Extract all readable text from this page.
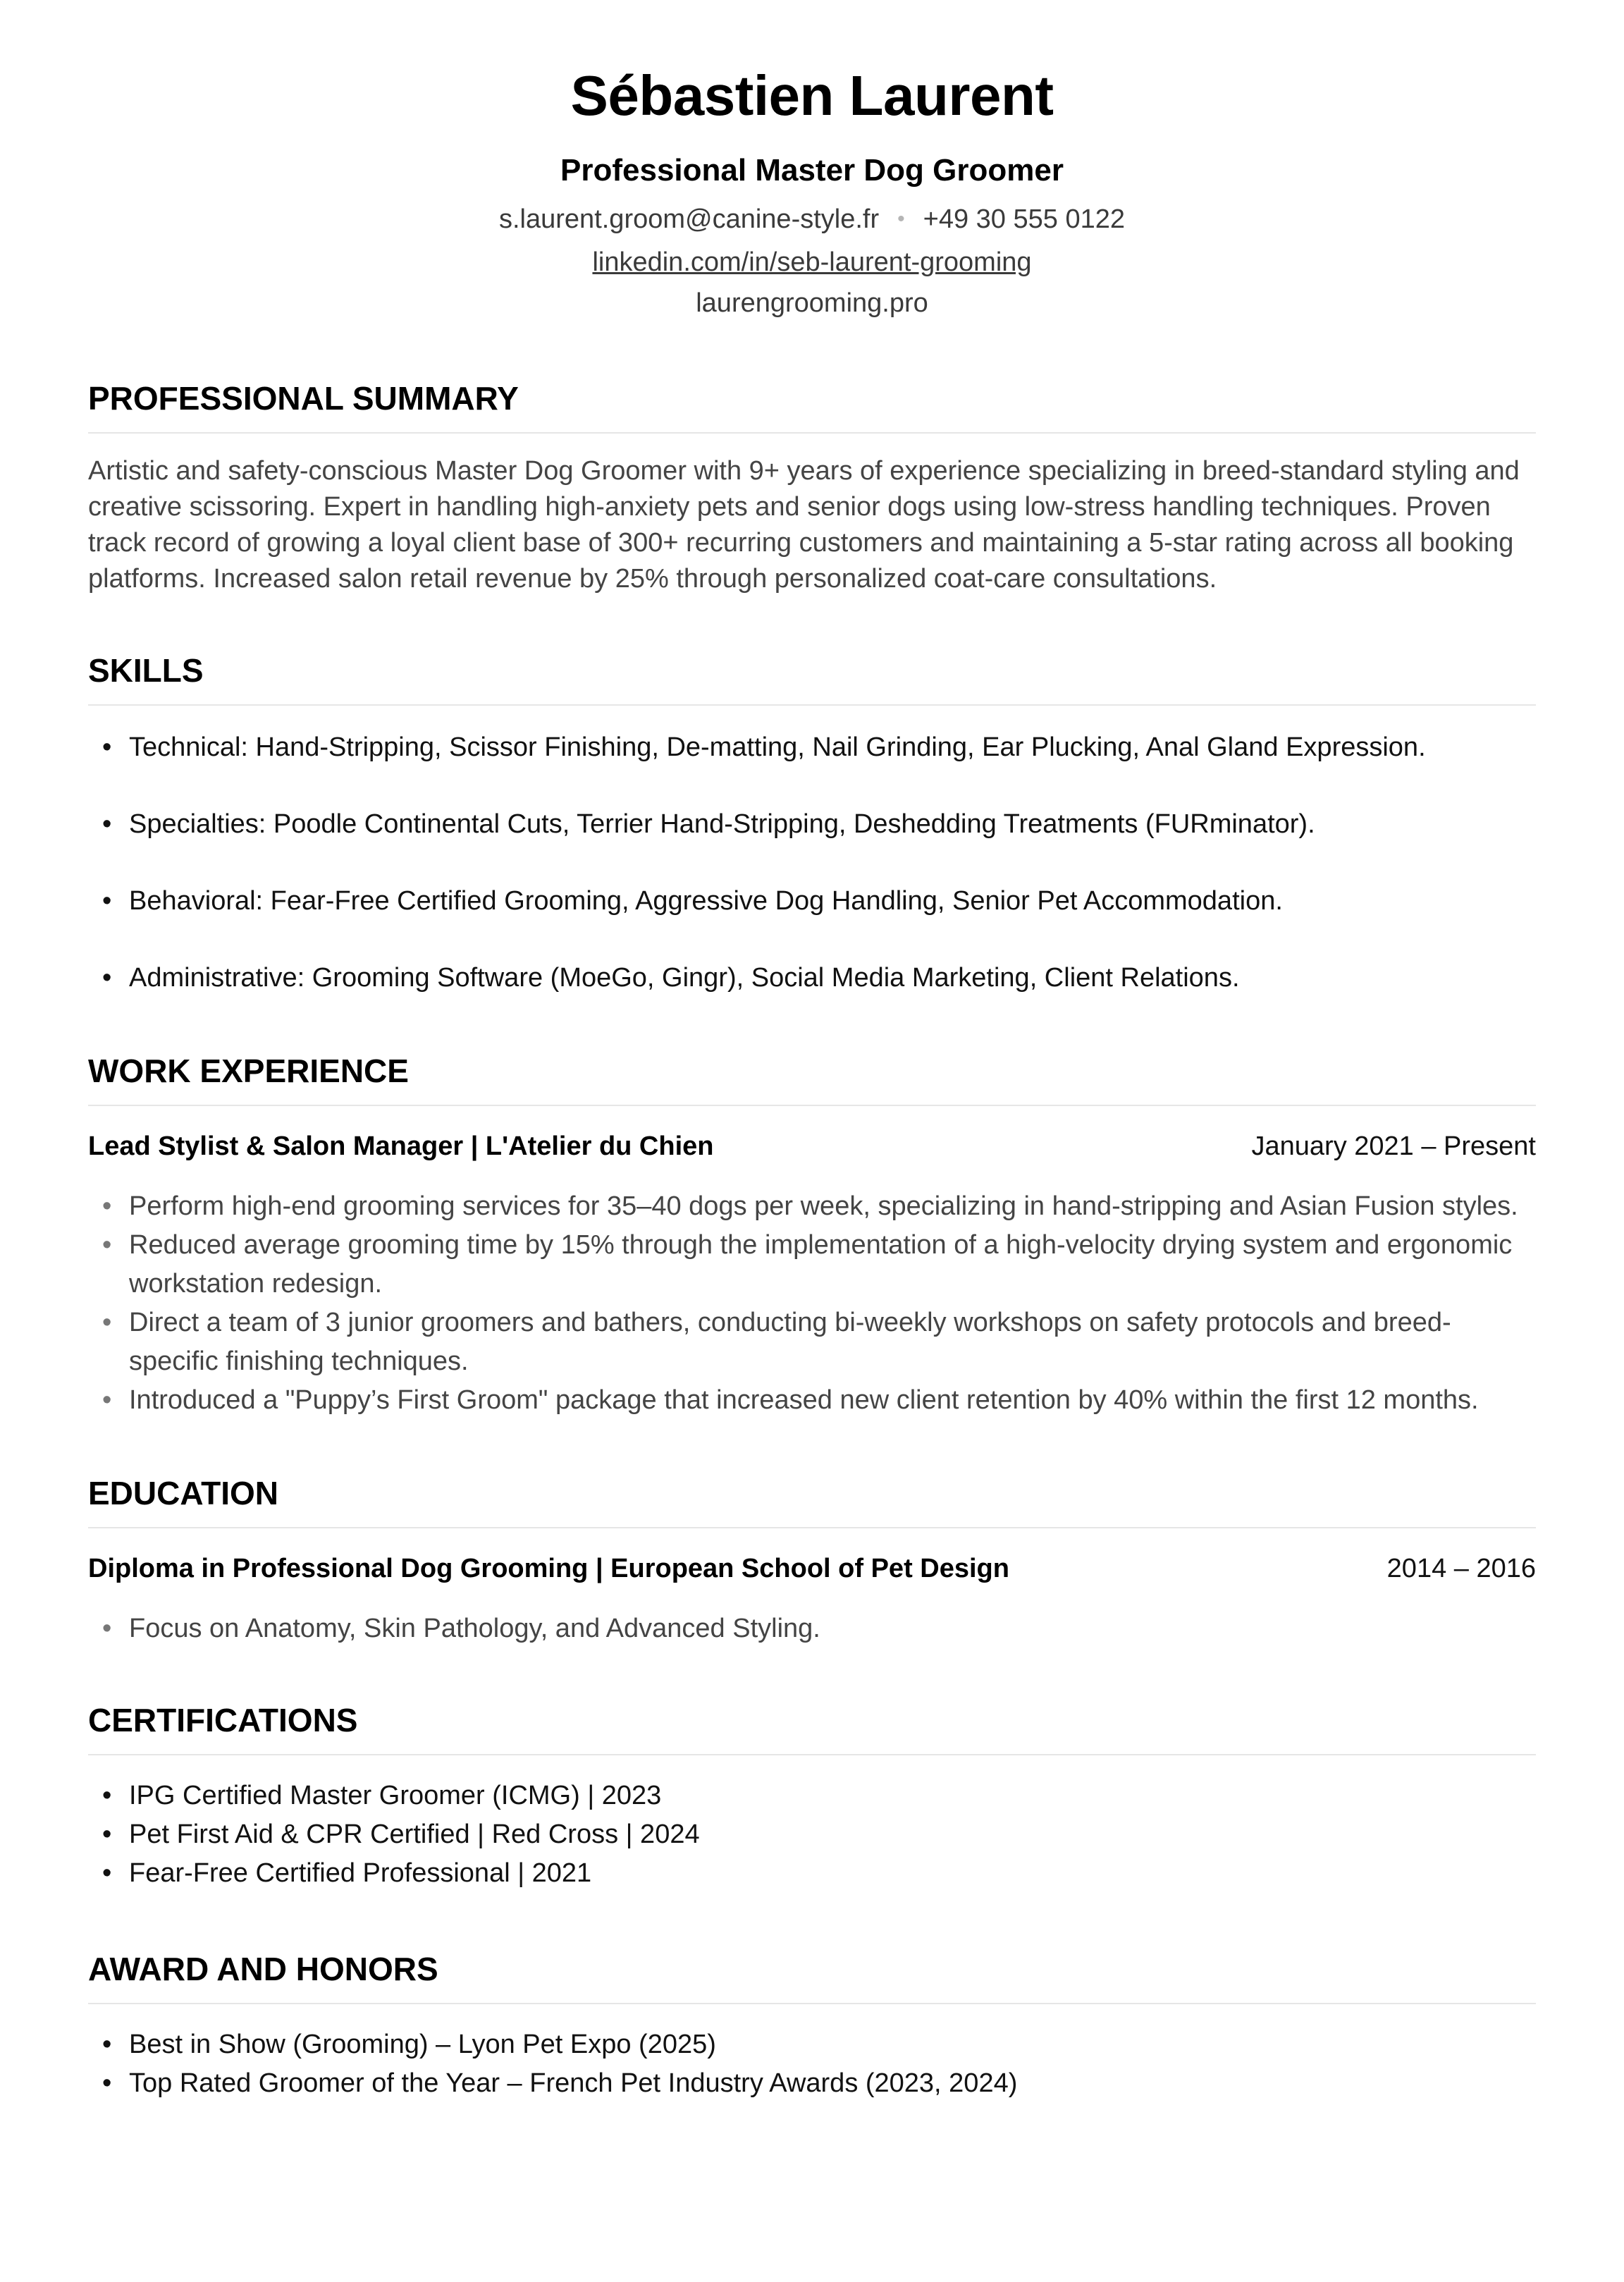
Sébastien Laurent
Professional Master Dog Groomer
s.laurent.groom@canine-style.fr • +49 30 555 0122
linkedin.com/in/seb-laurent-grooming
laurengrooming.pro
PROFESSIONAL SUMMARY

Artistic and safety-conscious Master Dog Groomer with 9+ years of experience specializing in breed-standard styling and creative scissoring. Expert in handling high-anxiety pets and senior dogs using low-stress handling techniques. Proven track record of growing a loyal client base of 300+ recurring customers and maintaining a 5-star rating across all booking platforms. Increased salon retail revenue by 25% through personalized coat-care consultations.

SKILLS
• Technical: Hand-Stripping, Scissor Finishing, De-matting, Nail Grinding, Ear Plucking, Anal Gland Expression.
• Specialties: Poodle Continental Cuts, Terrier Hand-Stripping, Deshedding Treatments (FURminator).
• Behavioral: Fear-Free Certified Grooming, Aggressive Dog Handling, Senior Pet Accommodation.
• Administrative: Grooming Software (MoeGo, Gingr), Social Media Marketing, Client Relations.
WORK EXPERIENCE
Lead Stylist & Salon Manager | L'Atelier du Chien	January 2021 – Present
• Perform high-end grooming services for 35–40 dogs per week, specializing in hand-stripping and Asian Fusion styles.
• Reduced average grooming time by 15% through the implementation of a high-velocity drying system and ergonomic workstation redesign.
• Direct a team of 3 junior groomers and bathers, conducting bi-weekly workshops on safety protocols and breed-specific finishing techniques.
• Introduced a "Puppy’s First Groom" package that increased new client retention by 40% within the first 12 months.
EDUCATION
Diploma in Professional Dog Grooming | European School of Pet Design	2014 – 2016
• Focus on Anatomy, Skin Pathology, and Advanced Styling.
CERTIFICATIONS
• IPG Certified Master Groomer (ICMG) | 2023
• Pet First Aid & CPR Certified | Red Cross | 2024
• Fear-Free Certified Professional | 2021
AWARD AND HONORS
• Best in Show (Grooming) – Lyon Pet Expo (2025)
• Top Rated Groomer of the Year – French Pet Industry Awards (2023, 2024)
